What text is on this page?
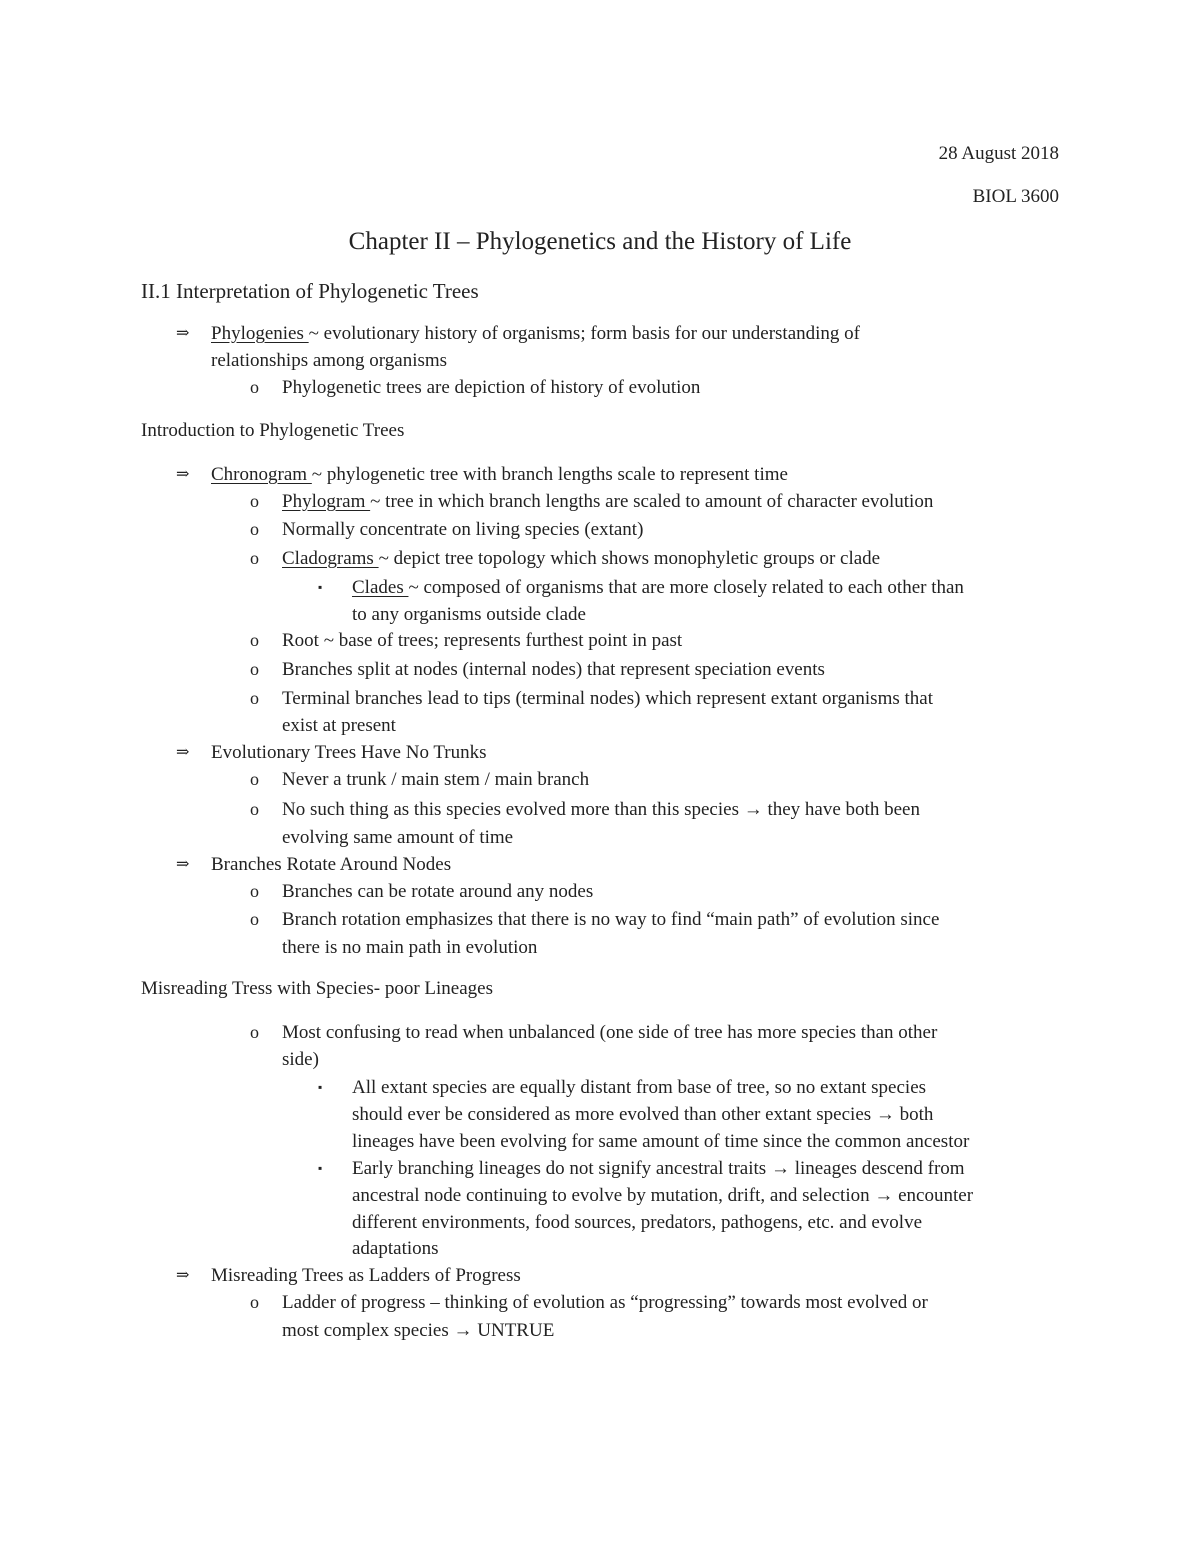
28 August 2018
BIOL 3600
Chapter II – Phylogenetics and the History of Life
II.1 Interpretation of Phylogenetic Trees
⇒ Phylogenies ~ evolutionary history of organisms; form basis for our understanding of
relationships among organisms
o Phylogenetic trees are depiction of history of evolution
Introduction to Phylogenetic Trees
⇒ Chronogram ~ phylogenetic tree with branch lengths scale to represent time
o Phylogram ~ tree in which branch lengths are scaled to amount of character evolution
o Normally concentrate on living species (extant)
o Cladograms ~ depict tree topology which shows monophyletic groups or clade
▪ Clades ~ composed of organisms that are more closely related to each other than
to any organisms outside clade
o Root ~ base of trees; represents furthest point in past
o Branches split at nodes (internal nodes) that represent speciation events
o Terminal branches lead to tips (terminal nodes) which represent extant organisms that
exist at present
⇒ Evolutionary Trees Have No Trunks
o Never a trunk / main stem / main branch
o No such thing as this species evolved more than this species → they have both been
evolving same amount of time
⇒ Branches Rotate Around Nodes
o Branches can be rotate around any nodes
o Branch rotation emphasizes that there is no way to find “main path” of evolution since
there is no main path in evolution
Misreading Tress with Species- poor Lineages
o Most confusing to read when unbalanced (one side of tree has more species than other
side)
▪ All extant species are equally distant from base of tree, so no extant species
should ever be considered as more evolved than other extant species → both
lineages have been evolving for same amount of time since the common ancestor
▪ Early branching lineages do not signify ancestral traits → lineages descend from
ancestral node continuing to evolve by mutation, drift, and selection → encounter
different environments, food sources, predators, pathogens, etc. and evolve
adaptations
⇒ Misreading Trees as Ladders of Progress
o Ladder of progress – thinking of evolution as “progressing” towards most evolved or
most complex species → UNTRUE
